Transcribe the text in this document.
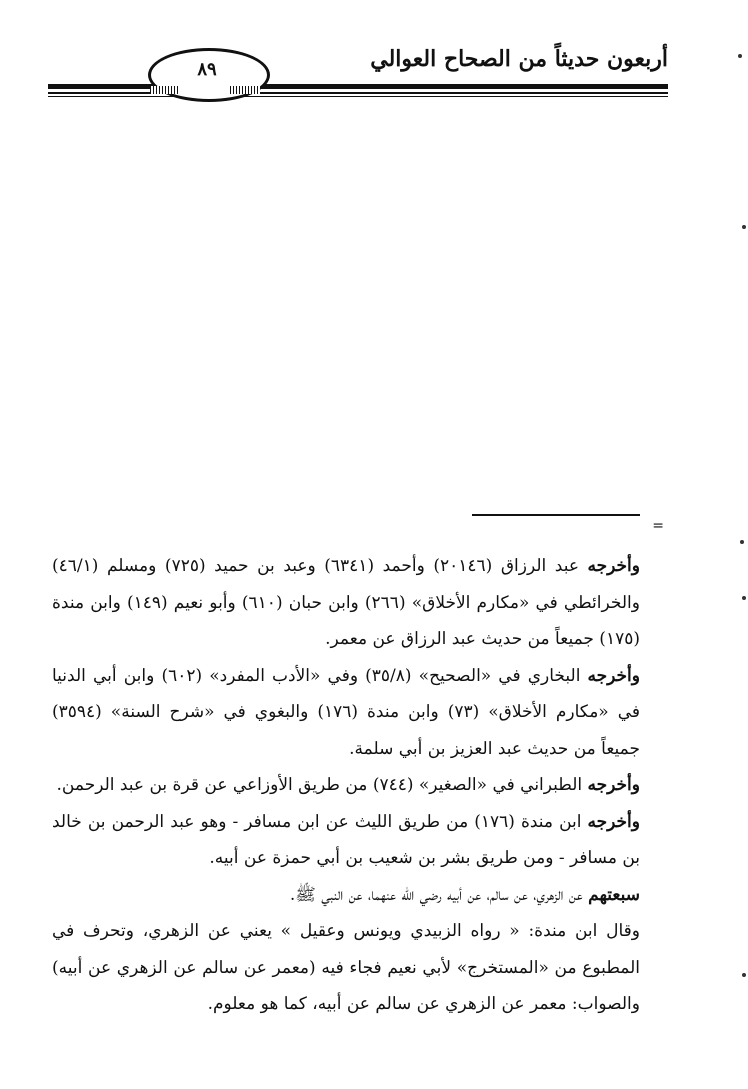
أربعون حديثاً من الصحاح العوالي
٨٩
=

وأخرجه عبد الرزاق (٢٠١٤٦) وأحمد (٦٣٤١) وعبد بن حميد (٧٢٥) ومسلم (٤٦/١) والخرائطي في «مكارم الأخلاق» (٢٦٦) وابن حبان (٦١٠) وأبو نعيم (١٤٩) وابن مندة (١٧٥) جميعاً من حديث عبد الرزاق عن معمر.

وأخرجه البخاري في «الصحيح» (٣٥/٨) وفي «الأدب المفرد» (٦٠٢) وابن أبي الدنيا في «مكارم الأخلاق» (٧٣) وابن مندة (١٧٦) والبغوي في «شرح السنة» (٣٥٩٤) جميعاً من حديث عبد العزيز بن أبي سلمة.

وأخرجه الطبراني في «الصغير» (٧٤٤) من طريق الأوزاعي عن قرة بن عبد الرحمن.

وأخرجه ابن مندة (١٧٦) من طريق الليث عن ابن مسافر - وهو عبد الرحمن بن خالد بن مسافر - ومن طريق بشر بن شعيب بن أبي حمزة عن أبيه.

سبعتهم عن الزهري، عن سالم، عن أبيه رضي الله عنهما، عن النبي ﷺ.

وقال ابن مندة: « رواه الزبيدي ويونس وعقيل » يعني عن الزهري، وتحرف في المطبوع من «المستخرج» لأبي نعيم فجاء فيه (معمر عن سالم عن الزهري عن أبيه) والصواب: معمر عن الزهري عن سالم عن أبيه، كما هو معلوم.
